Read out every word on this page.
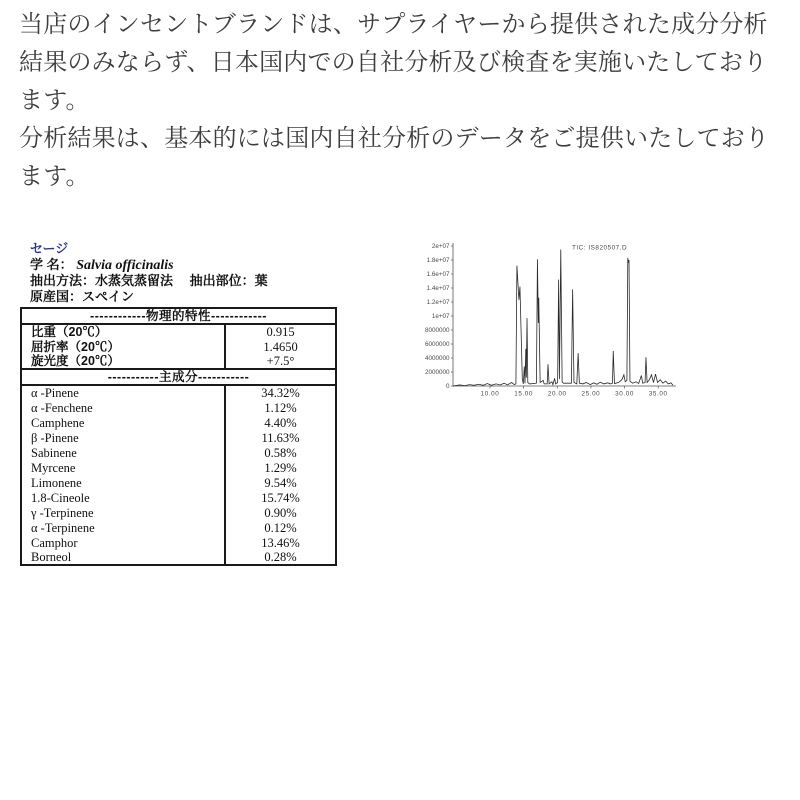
当店のインセントブランドは、サプライヤーから提供された成分分析
結果のみならず、日本国内での自社分析及び検査を実施いたしており
ます。
分析結果は、基本的には国内自社分析のデータをご提供いたしており
ます。
セージ
学 名： Salvia officinalis
抽出方法：水蒸気蒸留法　 抽出部位：葉
原産国：スペイン
------------物理的特性------------	
比重（20℃）	0.915
屈折率（20℃）	1.4650
旋光度（20℃）	+7.5°
-----------主成分-----------	
α -Pinene	34.32%
α -Fenchene	1.12%
Camphene	4.40%
β -Pinene	11.63%
Sabinene	0.58%
Myrcene	1.29%
Limonene	9.54%
1.8-Cineole	15.74%
γ -Terpinene	0.90%
α -Terpinene	0.12%
Camphor	13.46%
Borneol	0.28%
2e+07
1.8e+07
1.6e+07
1.4e+07
1.2e+07
1e+07
8000000
6000000
4000000
2000000
0
10.00 15.00 20.00 25.00 30.00 35.00
TIC: IS820507.D
